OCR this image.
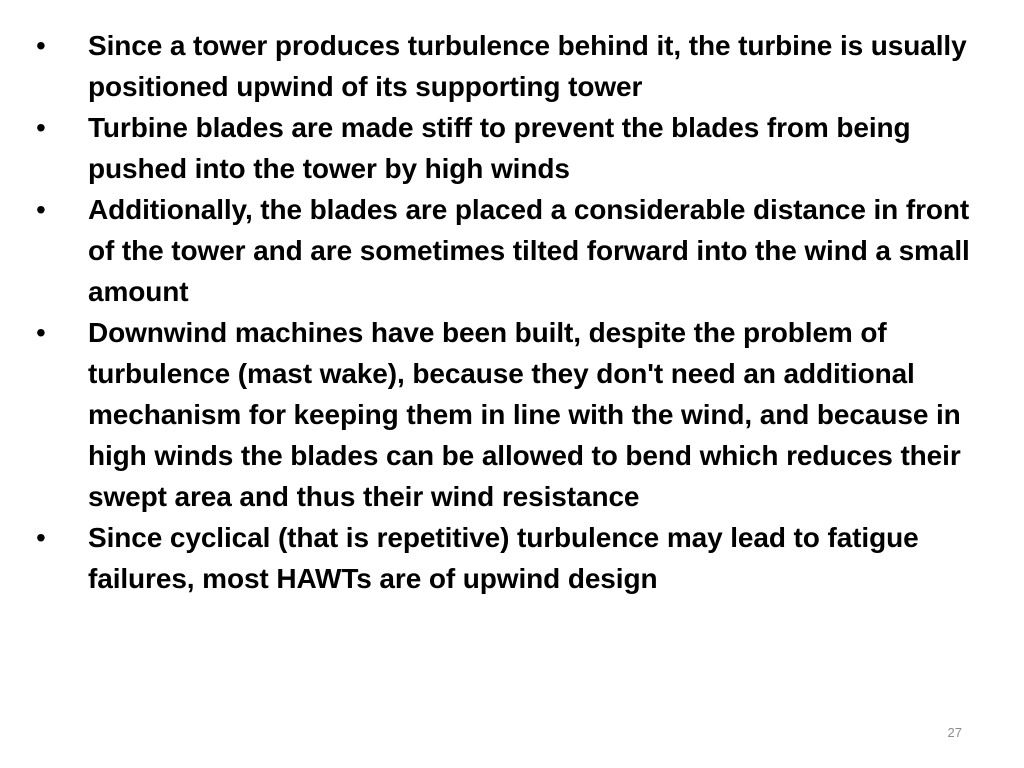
•	Since a tower produces turbulence behind it, the turbine is usually positioned upwind of its supporting tower
•	Turbine blades are made stiff to prevent the blades from being pushed into the tower by high winds
•	Additionally, the blades are placed a considerable distance in front of the tower and are sometimes tilted forward into the wind a small amount
•	Downwind machines have been built, despite the problem of turbulence (mast wake), because they don't need an additional mechanism for keeping them in line with the wind, and because in high winds the blades can be allowed to bend which reduces their swept area and thus their wind resistance
•	Since cyclical (that is repetitive) turbulence may lead to fatigue failures, most HAWTs are of upwind design
27
